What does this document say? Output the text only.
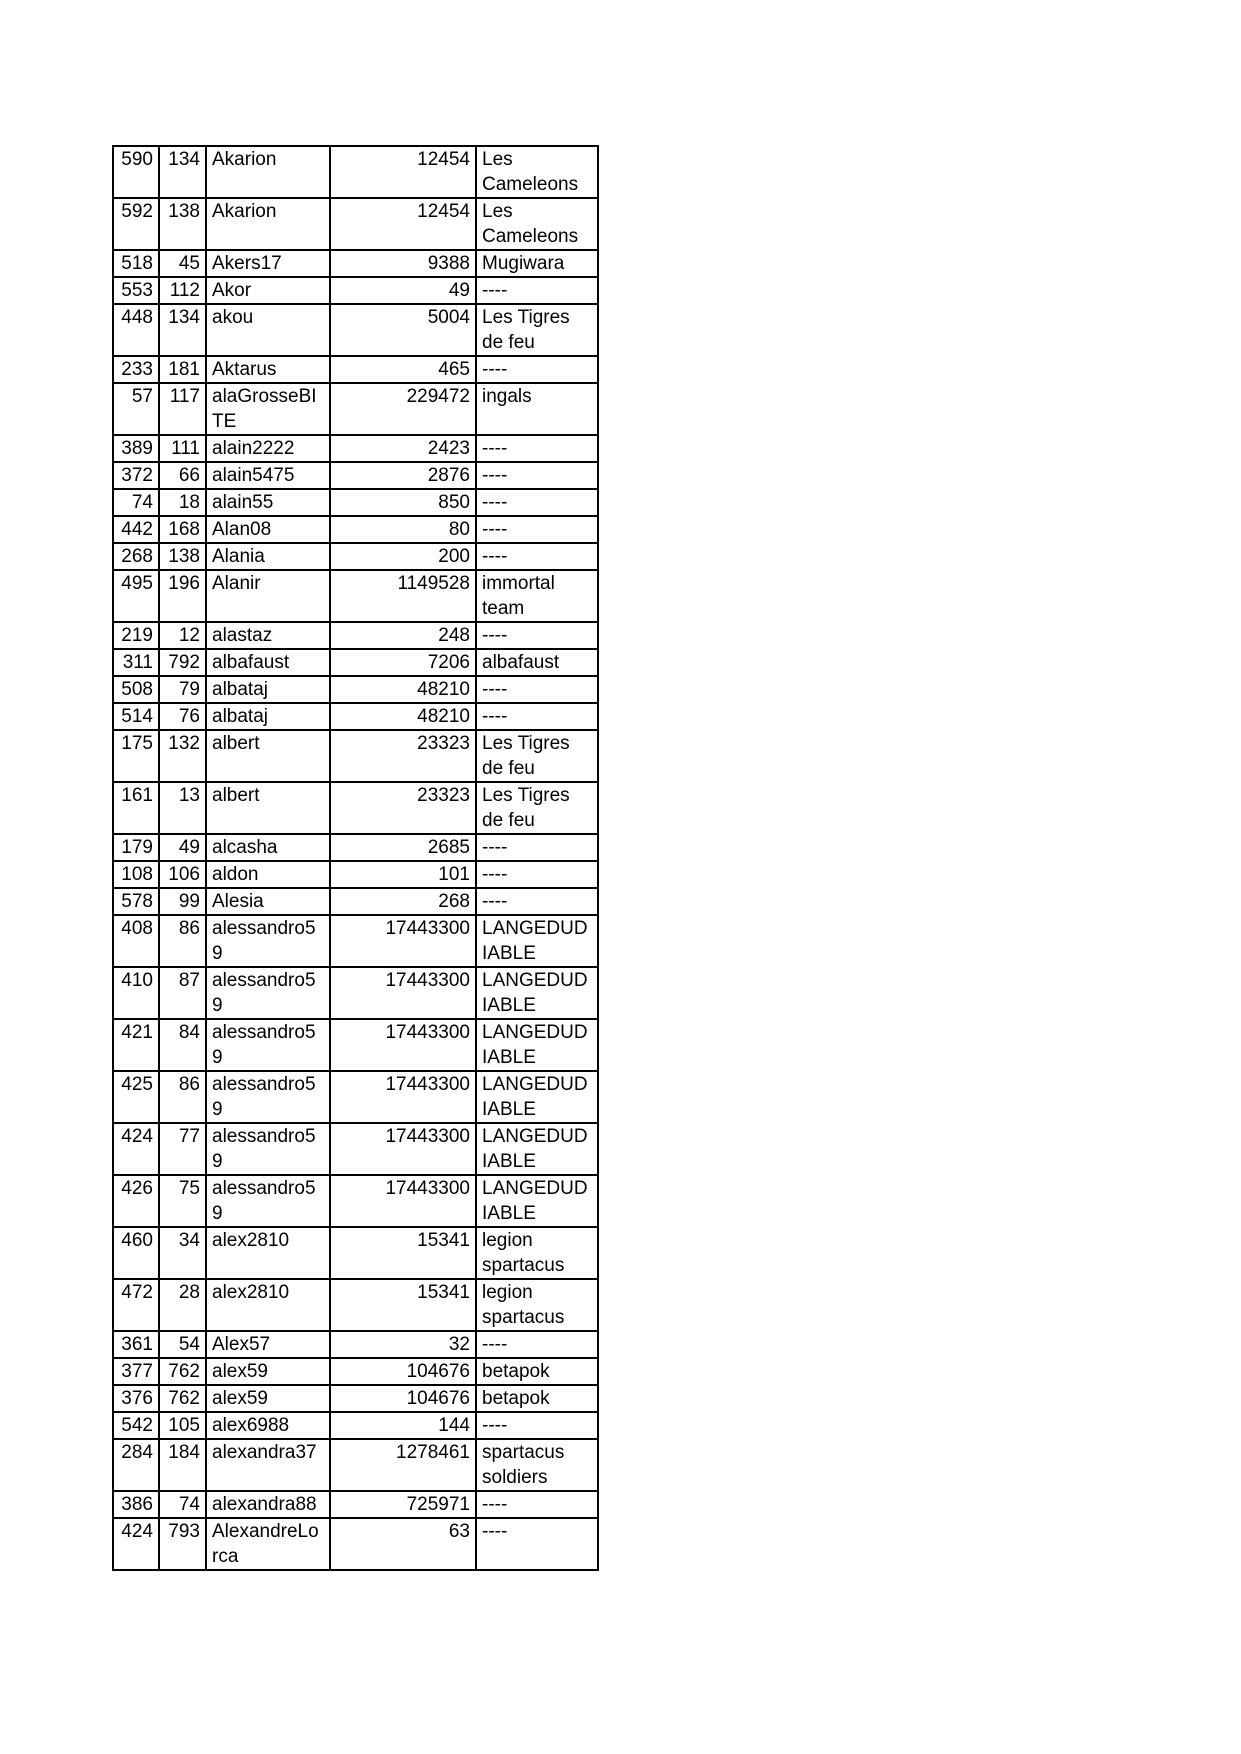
590	134	Akarion	12454	Les Cameleons
592	138	Akarion	12454	Les Cameleons
518	45	Akers17	9388	Mugiwara
553	112	Akor	49	----
448	134	akou	5004	Les Tigres de feu
233	181	Aktarus	465	----
57	117	alaGrosseBITE	229472	ingals
389	111	alain2222	2423	----
372	66	alain5475	2876	----
74	18	alain55	850	----
442	168	Alan08	80	----
268	138	Alania	200	----
495	196	Alanir	1149528	immortal team
219	12	alastaz	248	----
311	792	albafaust	7206	albafaust
508	79	albataj	48210	----
514	76	albataj	48210	----
175	132	albert	23323	Les Tigres de feu
161	13	albert	23323	Les Tigres de feu
179	49	alcasha	2685	----
108	106	aldon	101	----
578	99	Alesia	268	----
408	86	alessandro59	17443300	LANGEDUDIABLE
410	87	alessandro59	17443300	LANGEDUDIABLE
421	84	alessandro59	17443300	LANGEDUDIABLE
425	86	alessandro59	17443300	LANGEDUDIABLE
424	77	alessandro59	17443300	LANGEDUDIABLE
426	75	alessandro59	17443300	LANGEDUDIABLE
460	34	alex2810	15341	legion spartacus
472	28	alex2810	15341	legion spartacus
361	54	Alex57	32	----
377	762	alex59	104676	betapok
376	762	alex59	104676	betapok
542	105	alex6988	144	----
284	184	alexandra37	1278461	spartacus soldiers
386	74	alexandra88	725971	----
424	793	AlexandreLorca	63	----
